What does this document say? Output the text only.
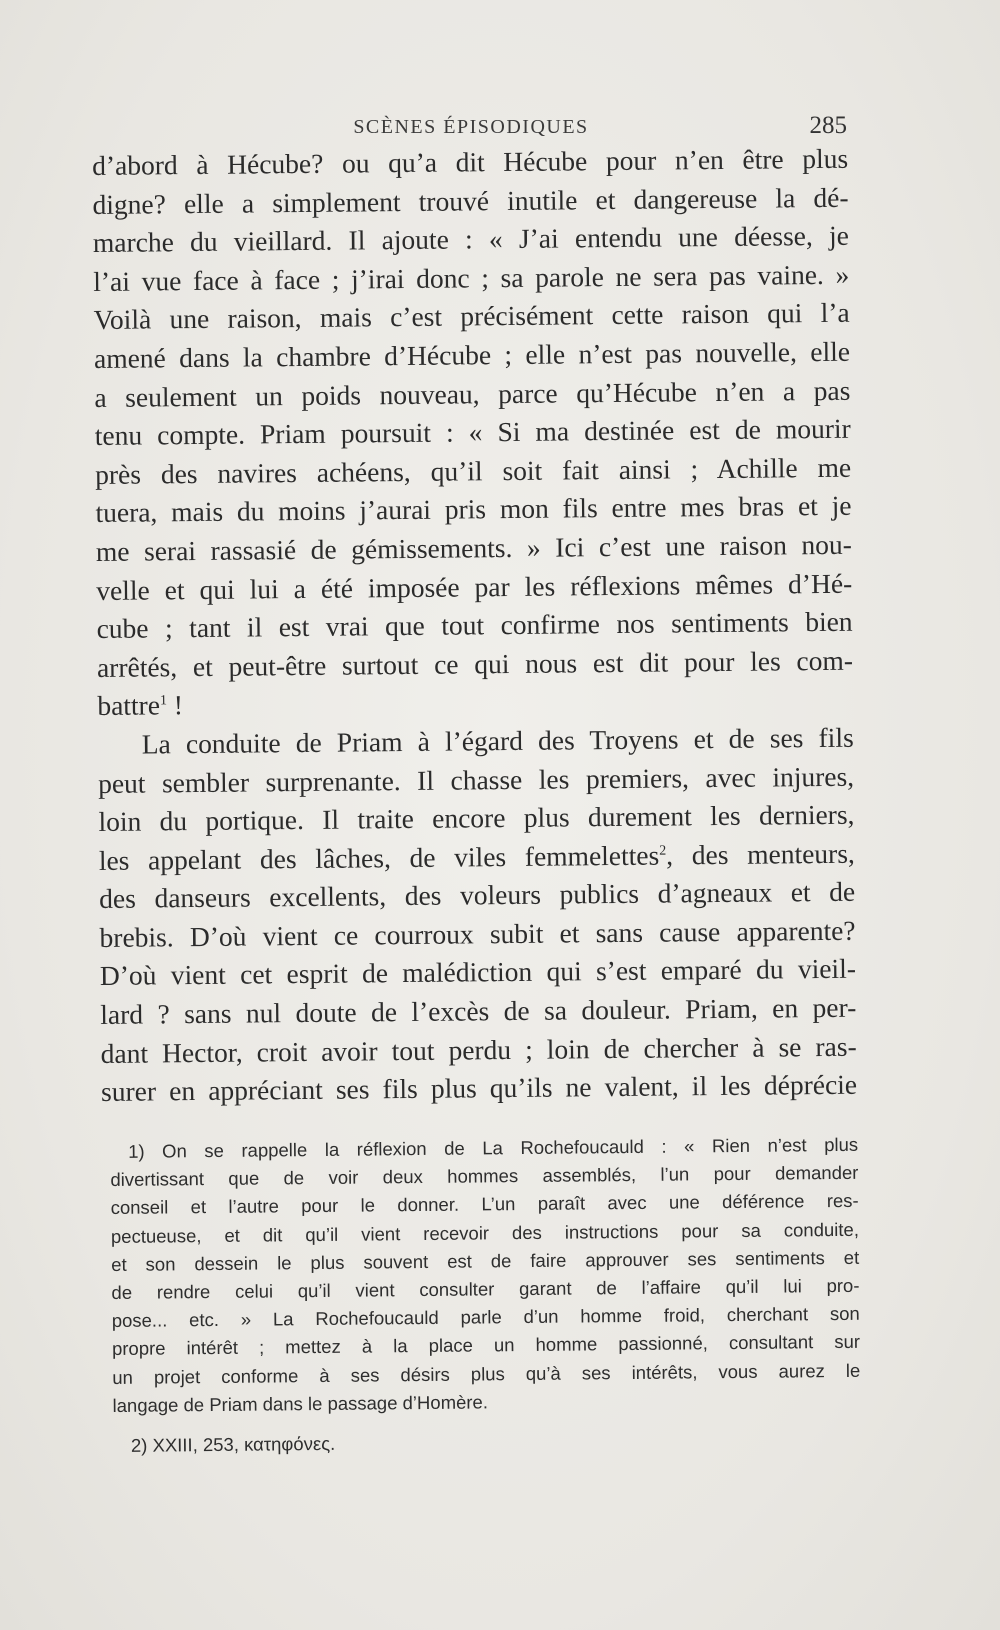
SCÈNES ÉPISODIQUES	285
d’abord à Hécube? ou qu’a dit Hécube pour n’en être plus
digne? elle a simplement trouvé inutile et dangereuse la dé-
marche du vieillard. Il ajoute : « J’ai entendu une déesse, je
l’ai vue face à face ; j’irai donc ; sa parole ne sera pas vaine. »
Voilà une raison, mais c’est précisément cette raison qui l’a
amené dans la chambre d’Hécube ; elle n’est pas nouvelle, elle
a seulement un poids nouveau, parce qu’Hécube n’en a pas
tenu compte. Priam poursuit : « Si ma destinée est de mourir
près des navires achéens, qu’il soit fait ainsi ; Achille me
tuera, mais du moins j’aurai pris mon fils entre mes bras et je
me serai rassasié de gémissements. » Ici c’est une raison nou-
velle et qui lui a été imposée par les réflexions mêmes d’Hé-
cube ; tant il est vrai que tout confirme nos sentiments bien
arrêtés, et peut-être surtout ce qui nous est dit pour les com-
battre$^1$ !
La conduite de Priam à l’égard des Troyens et de ses fils
peut sembler surprenante. Il chasse les premiers, avec injures,
loin du portique. Il traite encore plus durement les derniers,
les appelant des lâches, de viles femmelettes$^2$, des menteurs,
des danseurs excellents, des voleurs publics d’agneaux et de
brebis. D’où vient ce courroux subit et sans cause apparente?
D’où vient cet esprit de malédiction qui s’est emparé du vieil-
lard ? sans nul doute de l’excès de sa douleur. Priam, en per-
dant Hector, croit avoir tout perdu ; loin de chercher à se ras-
surer en appréciant ses fils plus qu’ils ne valent, il les déprécie
1) On se rappelle la réflexion de La Rochefoucauld : « Rien n’est plus
divertissant que de voir deux hommes assemblés, l’un pour demander
conseil et l’autre pour le donner. L’un paraît avec une déférence res-
pectueuse, et dit qu’il vient recevoir des instructions pour sa conduite,
et son dessein le plus souvent est de faire approuver ses sentiments et
de rendre celui qu’il vient consulter garant de l’affaire qu’il lui pro-
pose... etc. » La Rochefoucauld parle d’un homme froid, cherchant son
propre intérêt ; mettez à la place un homme passionné, consultant sur
un projet conforme à ses désirs plus qu’à ses intérêts, vous aurez le
langage de Priam dans le passage d’Homère.
2) XXIII, 253, κατηφόνες.
